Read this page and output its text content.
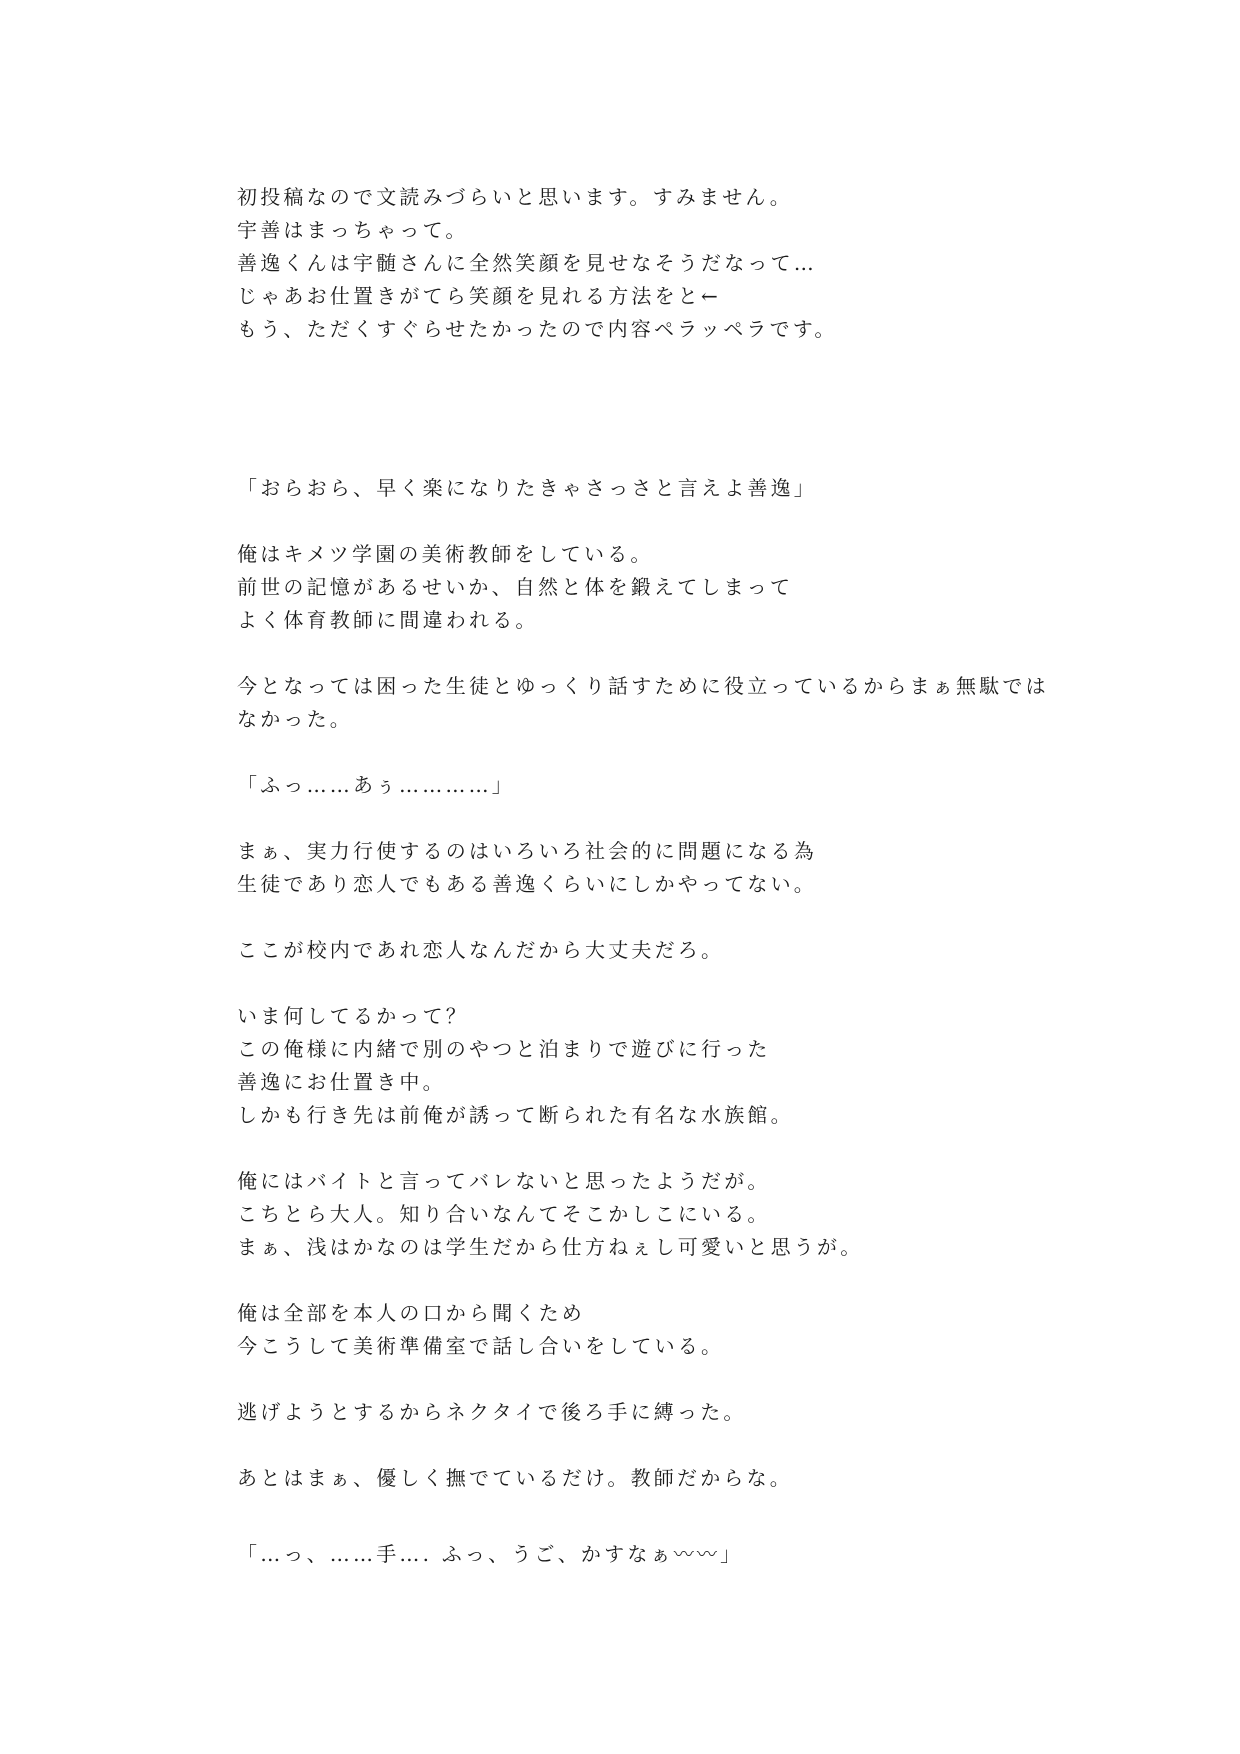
初投稿なので文読みづらいと思います。すみません。
宇善はまっちゃって。
善逸くんは宇髄さんに全然笑顔を見せなそうだなって…
じゃあお仕置きがてら笑顔を見れる方法をと←
もう、ただくすぐらせたかったので内容ペラッペラです。
「おらおら、早く楽になりたきゃさっさと言えよ善逸」
俺はキメツ学園の美術教師をしている。
前世の記憶があるせいか、自然と体を鍛えてしまって
よく体育教師に間違われる。
今となっては困った生徒とゆっくり話すために役立っているからまぁ無駄では
なかった。
「ふっ……あぅ…………」
まぁ、実力行使するのはいろいろ社会的に問題になる為
生徒であり恋人でもある善逸くらいにしかやってない。
ここが校内であれ恋人なんだから大丈夫だろ。
いま何してるかって？
この俺様に内緒で別のやつと泊まりで遊びに行った
善逸にお仕置き中。
しかも行き先は前俺が誘って断られた有名な水族館。
俺にはバイトと言ってバレないと思ったようだが。
こちとら大人。知り合いなんてそこかしこにいる。
まぁ、浅はかなのは学生だから仕方ねぇし可愛いと思うが。
俺は全部を本人の口から聞くため
今こうして美術準備室で話し合いをしている。
逃げようとするからネクタイで後ろ手に縛った。
あとはまぁ、優しく撫でているだけ。教師だからな。
「…っ、……手…. ふっ、うご、かすなぁ〰〰」
